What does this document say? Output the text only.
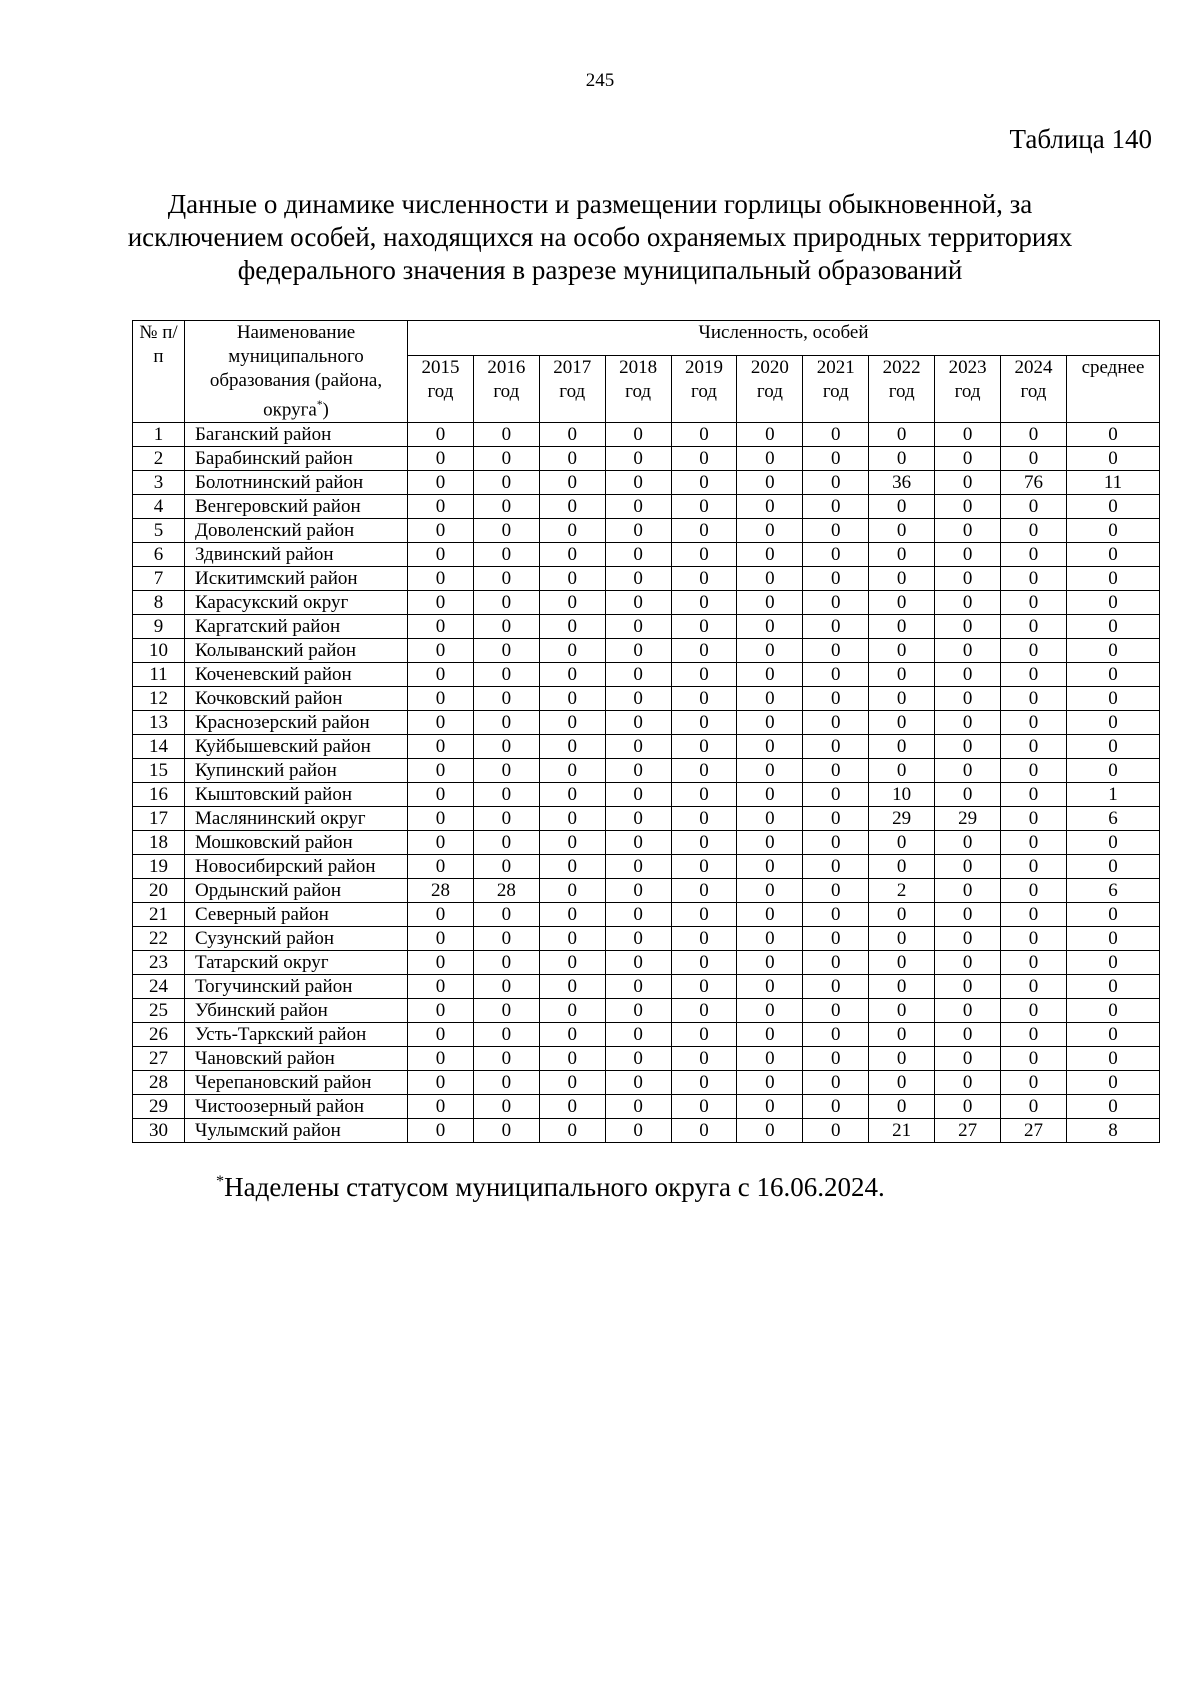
245
Таблица 140
Данные о динамике численности и размещении горлицы обыкновенной, за исключением особей, находящихся на особо охраняемых природных территориях федерального значения в разрезе муниципальный образований
№ п/п	Наименование муниципального образования (района, округа*)	Численность, особей										
		2015 год	2016 год	2017 год	2018 год	2019 год	2020 год	2021 год	2022 год	2023 год	2024 год	среднее
1	Баганский район	0	0	0	0	0	0	0	0	0	0	0
2	Барабинский район	0	0	0	0	0	0	0	0	0	0	0
3	Болотнинский район	0	0	0	0	0	0	0	36	0	76	11
4	Венгеровский район	0	0	0	0	0	0	0	0	0	0	0
5	Доволенский район	0	0	0	0	0	0	0	0	0	0	0
6	Здвинский район	0	0	0	0	0	0	0	0	0	0	0
7	Искитимский район	0	0	0	0	0	0	0	0	0	0	0
8	Карасукский округ	0	0	0	0	0	0	0	0	0	0	0
9	Каргатский район	0	0	0	0	0	0	0	0	0	0	0
10	Колыванский район	0	0	0	0	0	0	0	0	0	0	0
11	Коченевский район	0	0	0	0	0	0	0	0	0	0	0
12	Кочковский район	0	0	0	0	0	0	0	0	0	0	0
13	Краснозерский район	0	0	0	0	0	0	0	0	0	0	0
14	Куйбышевский район	0	0	0	0	0	0	0	0	0	0	0
15	Купинский район	0	0	0	0	0	0	0	0	0	0	0
16	Кыштовский район	0	0	0	0	0	0	0	10	0	0	1
17	Маслянинский округ	0	0	0	0	0	0	0	29	29	0	6
18	Мошковский район	0	0	0	0	0	0	0	0	0	0	0
19	Новосибирский район	0	0	0	0	0	0	0	0	0	0	0
20	Ордынский район	28	28	0	0	0	0	0	2	0	0	6
21	Северный район	0	0	0	0	0	0	0	0	0	0	0
22	Сузунский район	0	0	0	0	0	0	0	0	0	0	0
23	Татарский округ	0	0	0	0	0	0	0	0	0	0	0
24	Тогучинский район	0	0	0	0	0	0	0	0	0	0	0
25	Убинский район	0	0	0	0	0	0	0	0	0	0	0
26	Усть-Таркский район	0	0	0	0	0	0	0	0	0	0	0
27	Чановский район	0	0	0	0	0	0	0	0	0	0	0
28	Черепановский район	0	0	0	0	0	0	0	0	0	0	0
29	Чистоозерный район	0	0	0	0	0	0	0	0	0	0	0
30	Чулымский район	0	0	0	0	0	0	0	21	27	27	8
*Наделены статусом муниципального округа с 16.06.2024.
